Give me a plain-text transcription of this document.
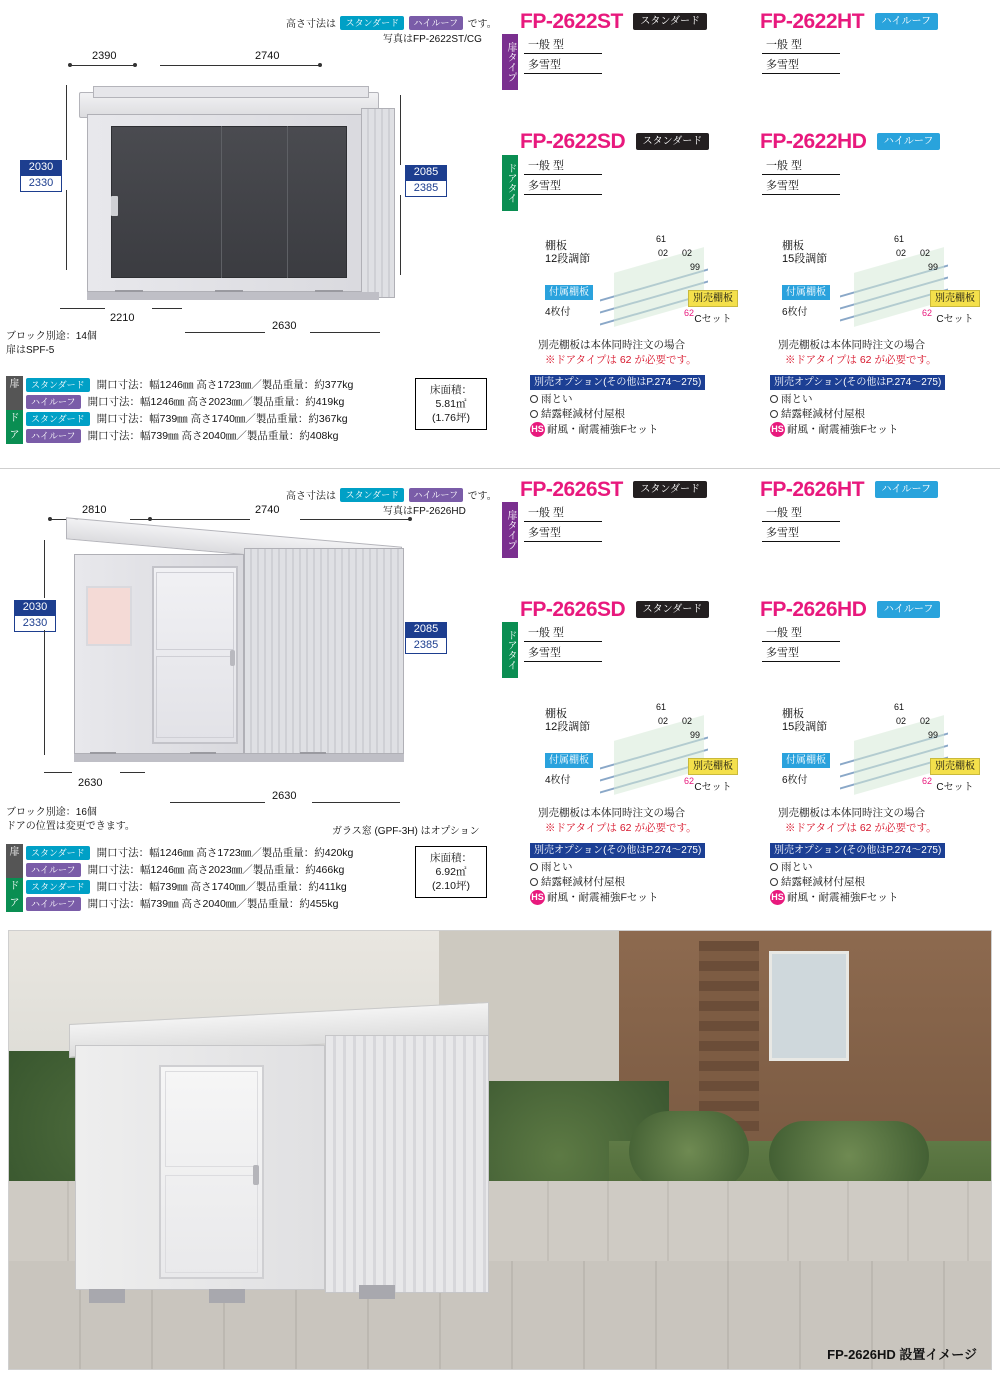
高さ寸法は スタンダード ハイルーフ です。
写真はFP-2622ST/CG
2390	2740
2030
2330
2085
2385
2210
2630
ブロック別途：14個
扉はSPF-5
扉	スタンダード	開口寸法：幅1246㎜ 高さ1723㎜／製品重量：約377kg

ハイルーフ	開口寸法：幅1246㎜ 高さ2023㎜／製品重量：約419kg
ド	スタンダード	開口寸法：幅739㎜ 高さ1740㎜／製品重量：約367kg
ア	ハイルーフ	開口寸法：幅739㎜ 高さ2040㎜／製品重量：約408kg
床面積：
5.81㎡
(1.76坪)
FP-2622ST スタンダード	FP-2622HT ハイルーフ
扉タイプ	一般 型
多雪型
一般 型
多雪型
FP-2622SD スタンダード	FP-2622HD ハイルーフ
ドアタイプ
一般 型
多雪型
一般 型
多雪型
棚板
12段調節
付属棚板
4枚付
02 02
61
99
62
別売棚板
Cセット
別売棚板は本体同時注文の場合
※ドアタイプは 62 が必要です。
棚板
15段調節
付属棚板
6枚付
02 02
61
99
62
別売棚板
Cセット
別売棚板は本体同時注文の場合
※ドアタイプは 62 が必要です。
別売オプション(その他はP.274〜275)
雨とい
結露軽減材付屋根
HS 耐風・耐震補強Fセット
別売オプション(その他はP.274〜275)
雨とい
結露軽減材付屋根
HS 耐風・耐震補強Fセット
高さ寸法は スタンダード ハイルーフ です。
写真はFP-2626HD
2810	2740
2030
2330	2085
2385
2630
2630
ブロック別途：16個
ドアの位置は変更できます。	ガラス窓 (GPF-3H) はオプション
扉	スタンダード	開口寸法：幅1246㎜ 高さ1723㎜／製品重量：約420kg

ハイルーフ	開口寸法：幅1246㎜ 高さ2023㎜／製品重量：約466kg
ド	スタンダード	開口寸法：幅739㎜ 高さ1740㎜／製品重量：約411kg
ア	ハイルーフ	開口寸法：幅739㎜ 高さ2040㎜／製品重量：約455kg
床面積：
6.92㎡
(2.10坪)
FP-2626ST スタンダード	FP-2626HT ハイルーフ
扉タイプ	一般 型
多雪型
一般 型
多雪型
FP-2626SD スタンダード	FP-2626HD ハイルーフ
ドアタイプ
一般 型
多雪型
一般 型
多雪型
棚板
12段調節
付属棚板
4枚付
02 02
61
99
62
別売棚板
Cセット
別売棚板は本体同時注文の場合
※ドアタイプは 62 が必要です。
棚板
15段調節
付属棚板
6枚付
02 02
61
99
62
別売棚板
Cセット
別売棚板は本体同時注文の場合
※ドアタイプは 62 が必要です。
別売オプション(その他はP.274〜275)
雨とい
結露軽減材付屋根
HS 耐風・耐震補強Fセット
別売オプション(その他はP.274〜275)
雨とい
結露軽減材付屋根
HS 耐風・耐震補強Fセット
FP-2626HD 設置イメージ
